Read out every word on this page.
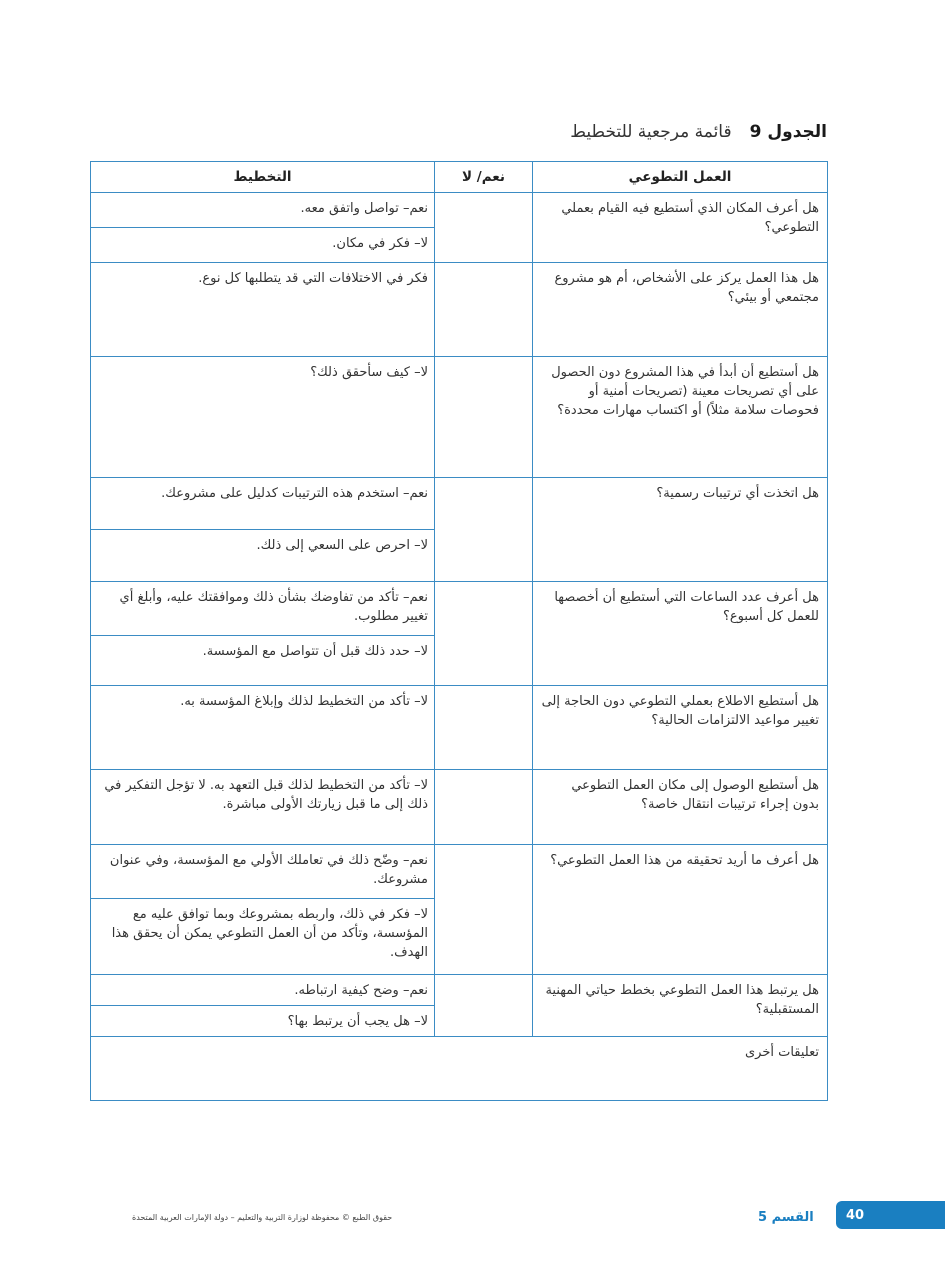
الجدول 9قائمة مرجعية للتخطيط
العمل التطوعي	نعم/ لا	التخطيط
هل أعرف المكان الذي أستطيع فيه القيام بعملي التطوعي؟		نعم– تواصل واتفق معه.
		لا– فكر في مكان.
هل هذا العمل يركز على الأشخاص، أم هو مشروع مجتمعي أو بيئي؟		فكر في الاختلافات التي قد يتطلبها كل نوع.
هل أستطيع أن أبدأ في هذا المشروع دون الحصول على أي تصريحات معينة (تصريحات أمنية أو فحوصات سلامة مثلاً) أو اكتساب مهارات محددة؟		لا– كيف سأحقق ذلك؟
هل اتخذت أي ترتيبات رسمية؟		نعم– استخدم هذه الترتيبات كدليل على مشروعك.
		لا– احرص على السعي إلى ذلك.
هل أعرف عدد الساعات التي أستطيع أن أخصصها للعمل كل أسبوع؟		نعم– تأكد من تفاوضك بشأن ذلك وموافقتك عليه، وأبلغ أي تغيير مطلوب.
		لا– حدد ذلك قبل أن تتواصل مع المؤسسة.
هل أستطيع الاطلاع بعملي التطوعي دون الحاجة إلى تغيير مواعيد الالتزامات الحالية؟		لا– تأكد من التخطيط لذلك وإبلاغ المؤسسة به.
هل أستطيع الوصول إلى مكان العمل التطوعي بدون إجراء ترتيبات انتقال خاصة؟		لا– تأكد من التخطيط لذلك قبل التعهد به. لا تؤجل التفكير في ذلك إلى ما قبل زيارتك الأولى مباشرة.
هل أعرف ما أريد تحقيقه من هذا العمل التطوعي؟		نعم– وضّح ذلك في تعاملك الأولي مع المؤسسة، وفي عنوان مشروعك.
		لا– فكر في ذلك، واربطه بمشروعك وبما توافق عليه مع المؤسسة، وتأكد من أن العمل التطوعي يمكن أن يحقق هذا الهدف.
هل يرتبط هذا العمل التطوعي بخطط حياتي المهنية المستقبلية؟		نعم– وضح كيفية ارتباطه.
		لا– هل يجب أن يرتبط بها؟
تعليقات أخرى		
حقوق الطبع © محفوظة لوزارة التربية والتعليم – دولة الإمارات العربية المتحدة	القسم 5 40
